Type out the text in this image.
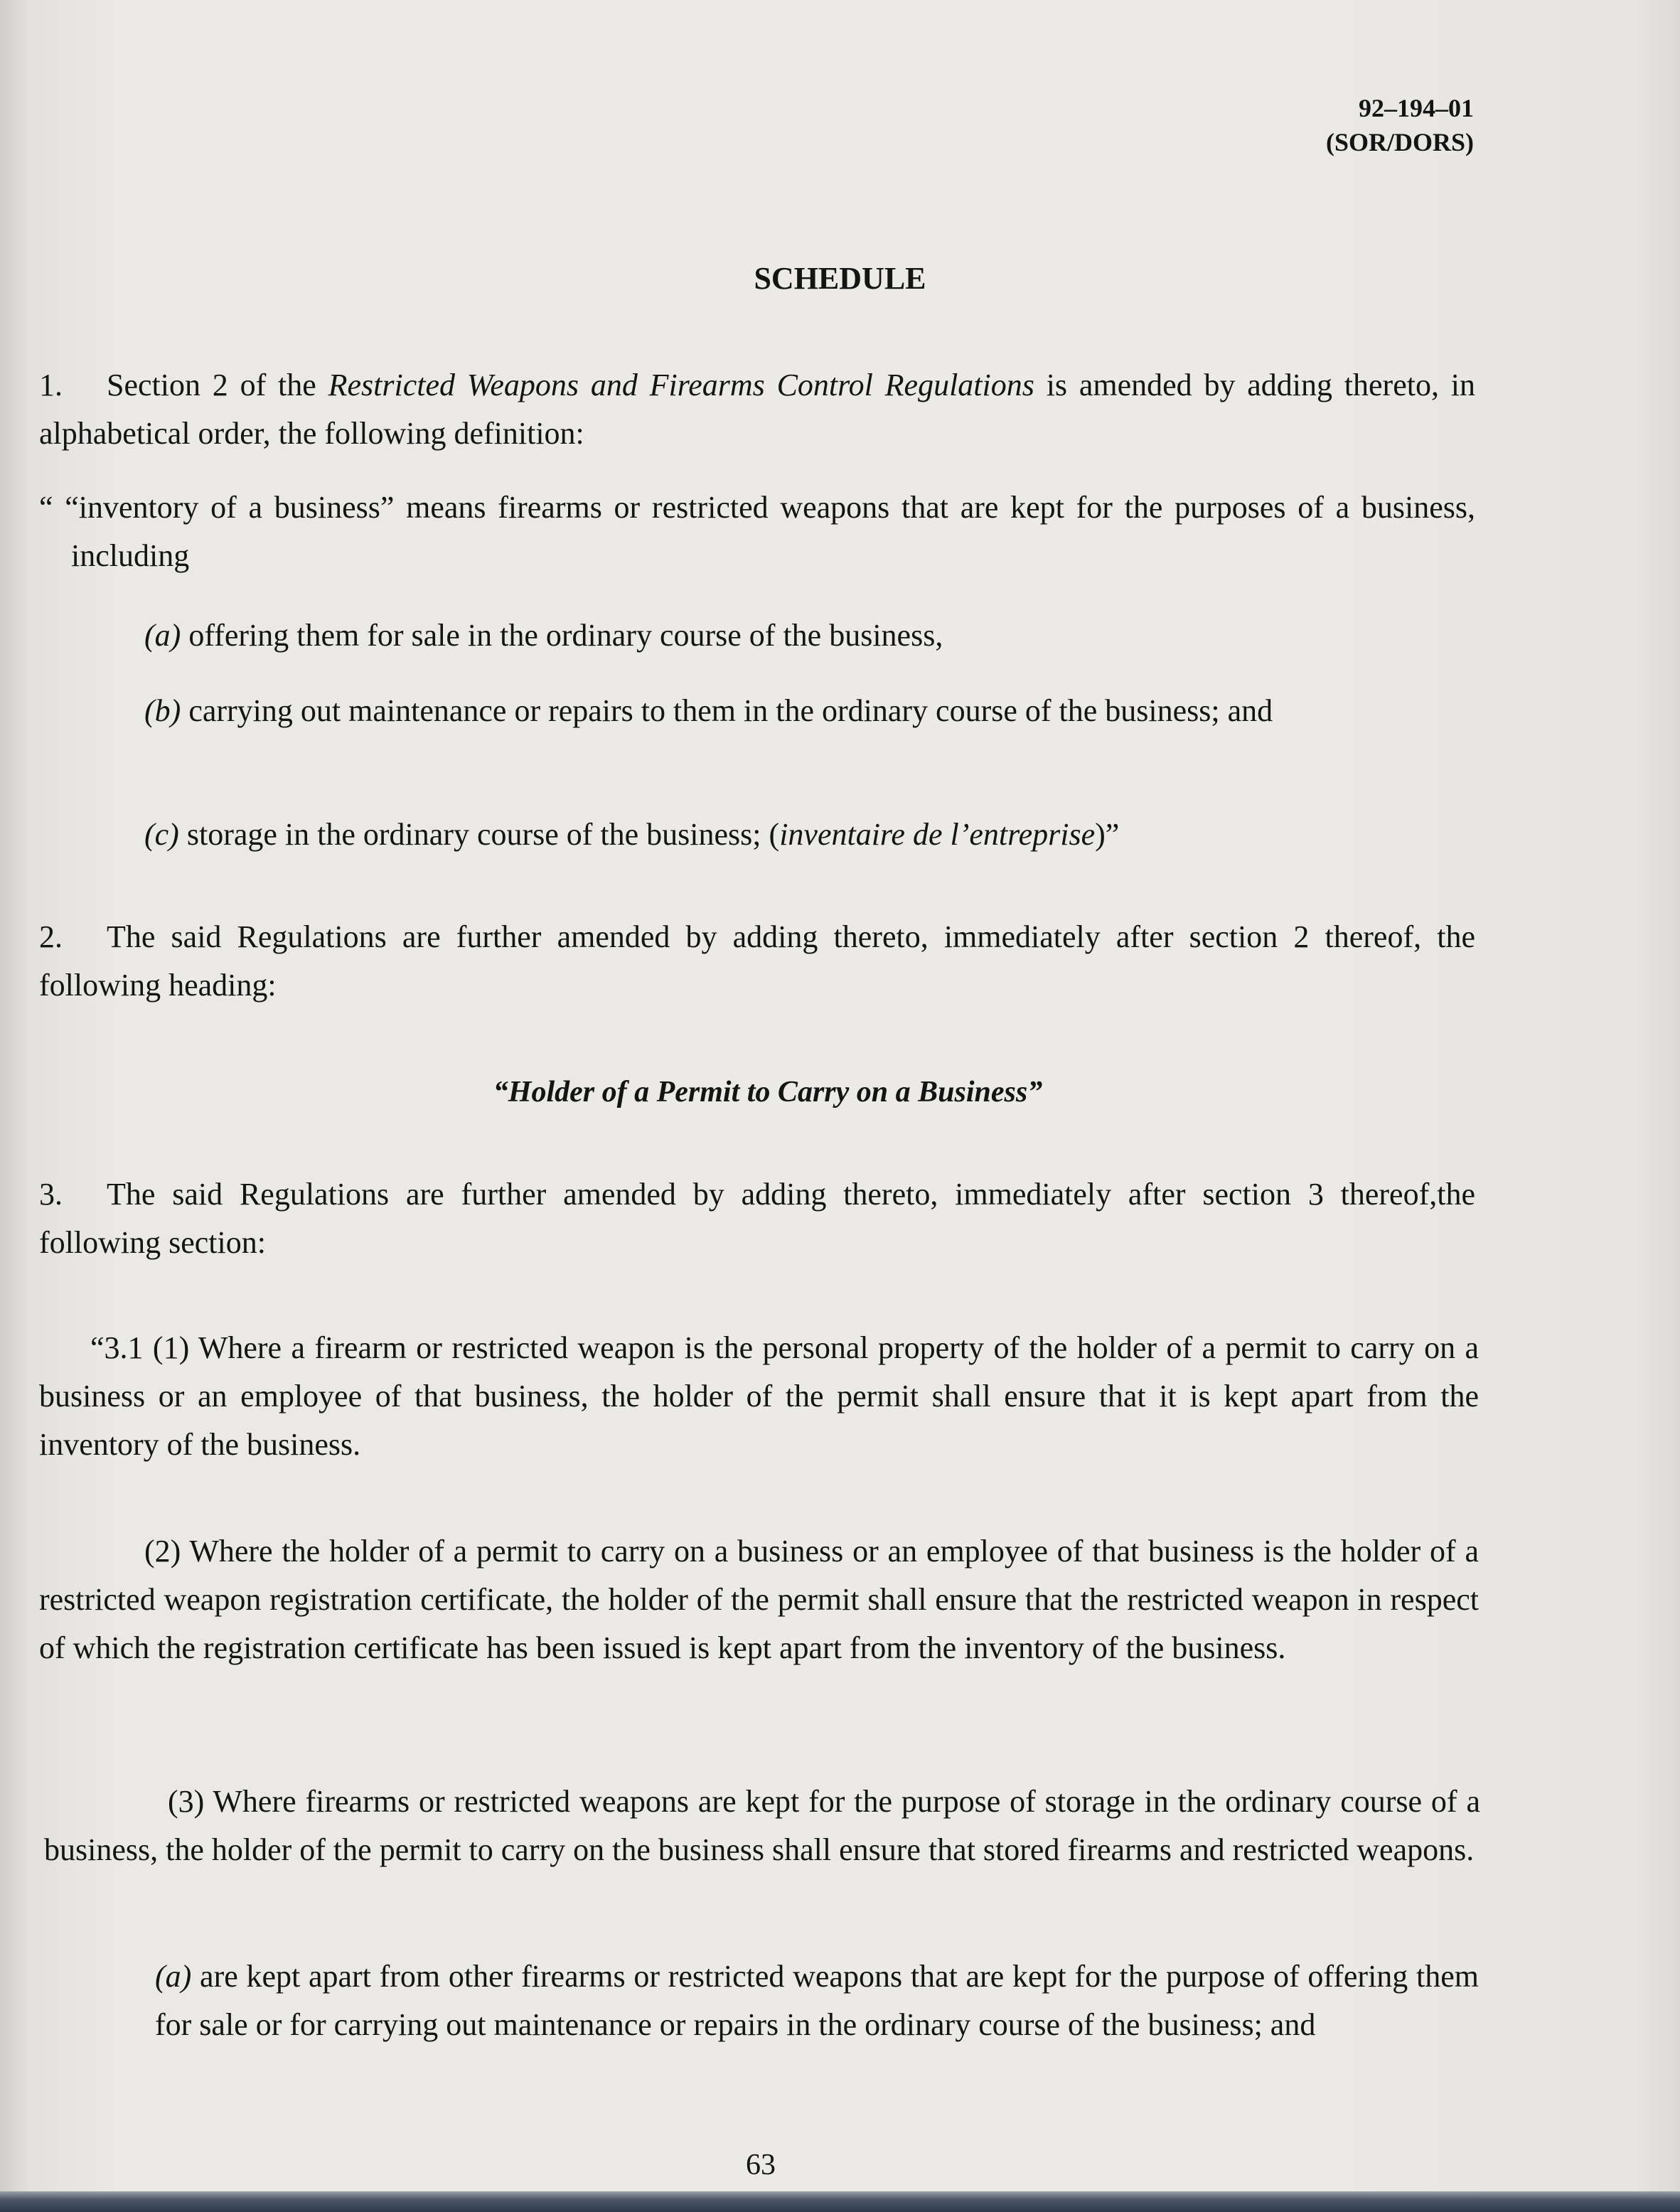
92–194–01
(SOR/DORS)
SCHEDULE
1. Section 2 of the Restricted Weapons and Firearms Control Regulations is amended by adding thereto, in alphabetical order, the following definition:
“ “inventory of a business” means firearms or restricted weapons that are kept for the purposes of a business, including
(a) offering them for sale in the ordinary course of the business,
(b) carrying out maintenance or repairs to them in the ordinary course of the business; and
(c) storage in the ordinary course of the business; (inventaire de l’entreprise)”
2. The said Regulations are further amended by adding thereto, immediately after section 2 thereof, the following heading:
“Holder of a Permit to Carry on a Business”
3. The said Regulations are further amended by adding thereto, immediately after section 3 thereof,the following section:
“3.1 (1) Where a firearm or restricted weapon is the personal property of the holder of a permit to carry on a business or an employee of that business, the holder of the permit shall ensure that it is kept apart from the inventory of the business.
(2) Where the holder of a permit to carry on a business or an employee of that business is the holder of a restricted weapon registration certificate, the holder of the permit shall ensure that the restricted weapon in respect of which the registration certificate has been issued is kept apart from the inventory of the business.
(3) Where firearms or restricted weapons are kept for the purpose of storage in the ordinary course of a business, the holder of the permit to carry on the business shall ensure that stored firearms and restricted weapons.
(a) are kept apart from other firearms or restricted weapons that are kept for the purpose of offering them for sale or for carrying out maintenance or repairs in the ordinary course of the business; and
63
